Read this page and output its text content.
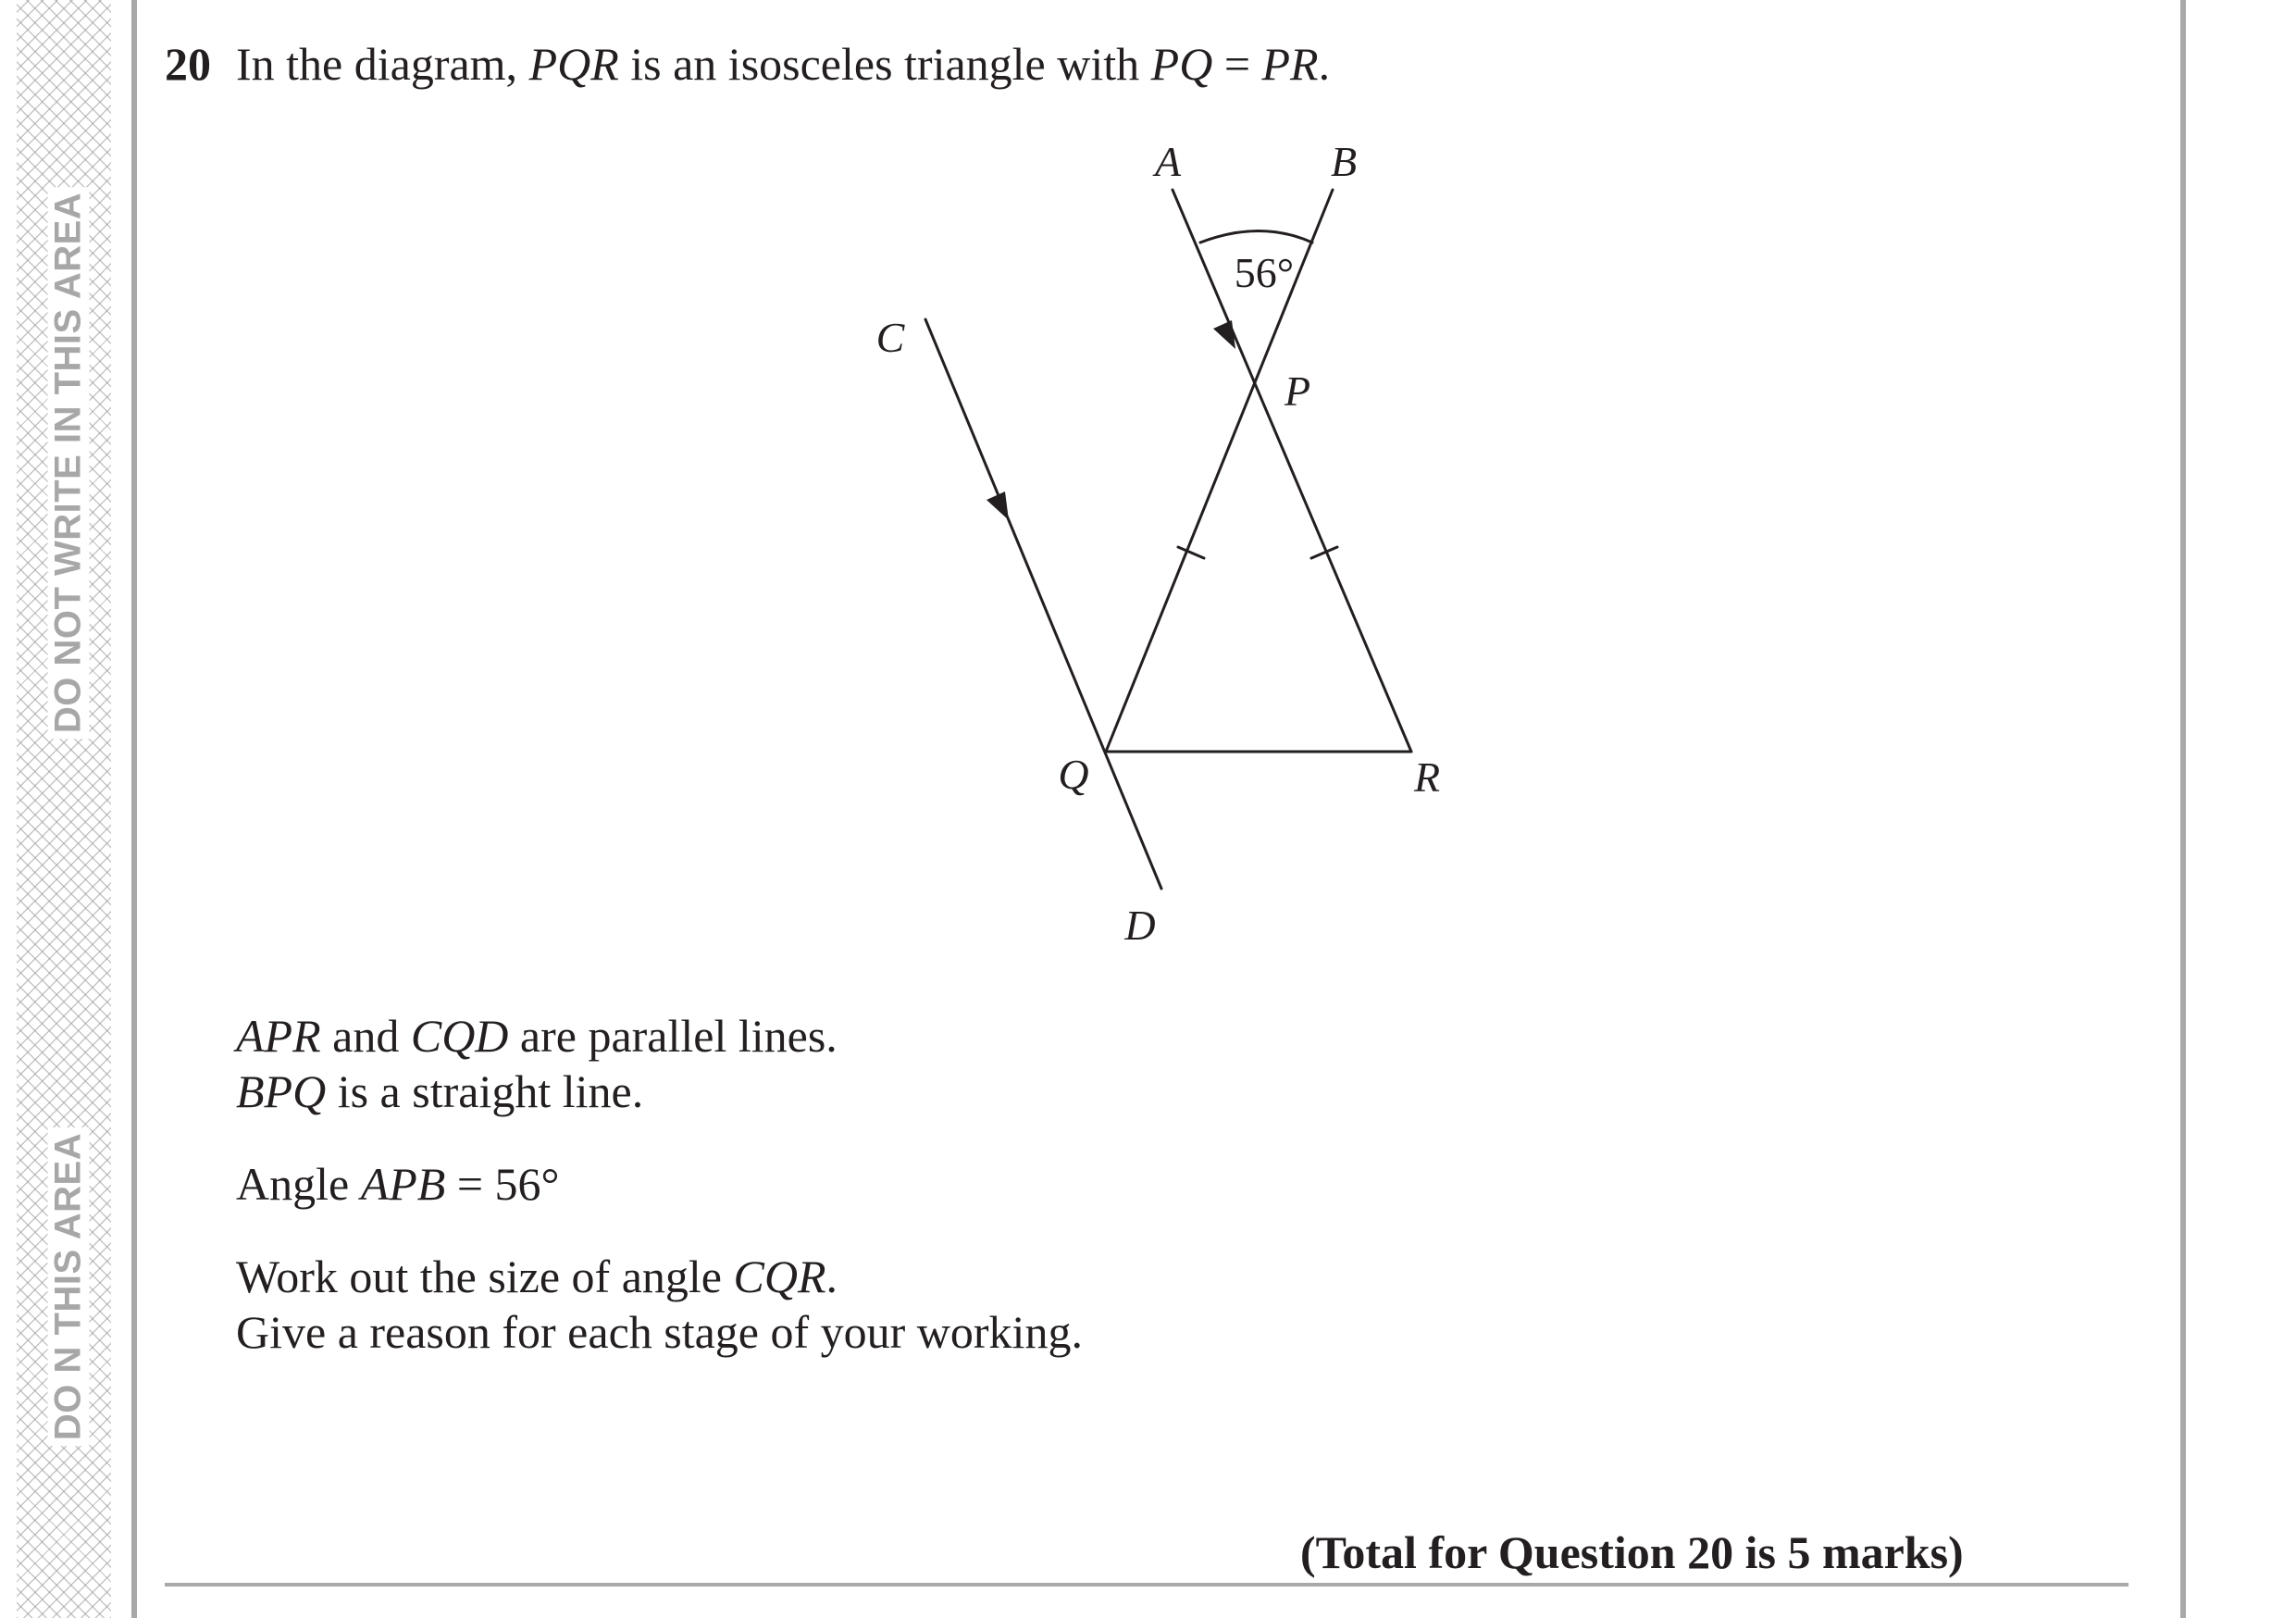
DO NOT WRITE IN THIS AREA
DO N THIS AREA
20 In the diagram, PQR is an isosceles triangle with PQ = PR.
APR and CQD are parallel lines.
BPQ is a straight line.
Angle APB = 56°
Work out the size of angle CQR.
Give a reason for each stage of your working.
(Total for Question 20 is 5 marks)
A	B
C
P
Q	R
D
56°
